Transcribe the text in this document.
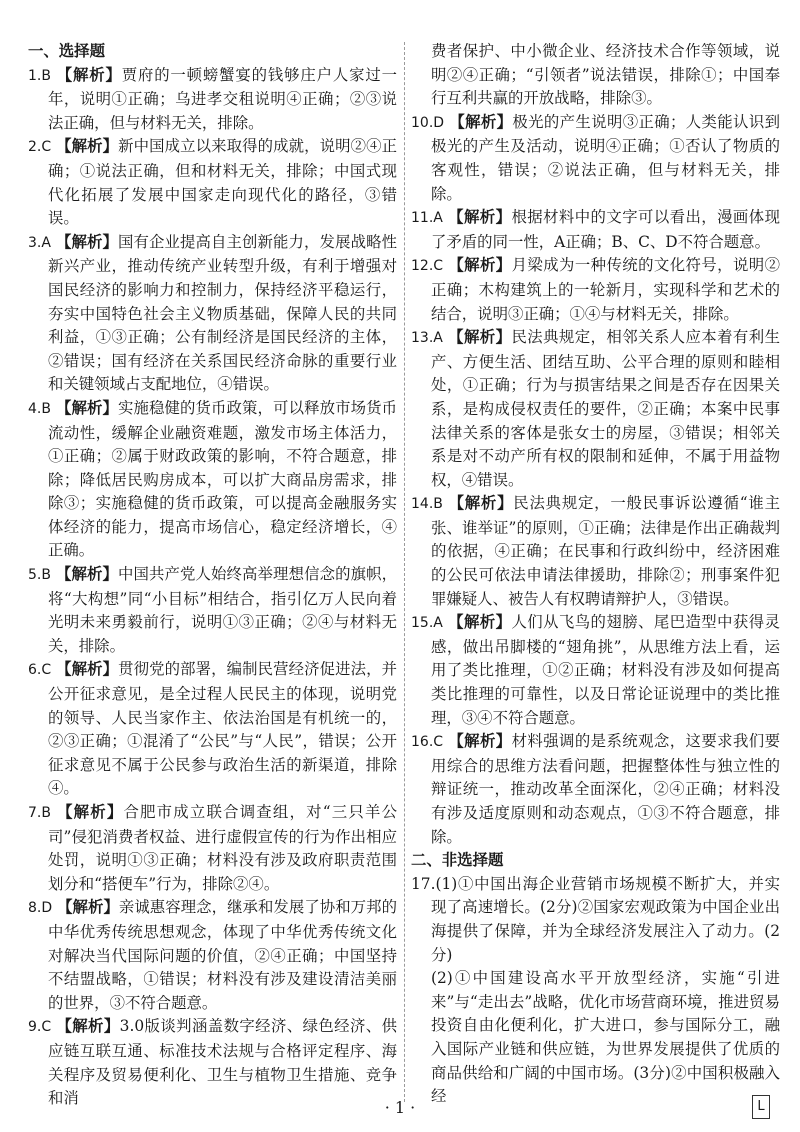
一、选择题

1.B 【解析】贾府的一顿螃蟹宴的钱够庄户人家过一年，说明①正确；乌进孝交租说明④正确；②③说法正确，但与材料无关，排除。

2.C 【解析】新中国成立以来取得的成就，说明②④正确；①说法正确，但和材料无关，排除；中国式现代化拓展了发展中国家走向现代化的路径，③错误。

3.A 【解析】国有企业提高自主创新能力，发展战略性新兴产业，推动传统产业转型升级，有利于增强对国民经济的影响力和控制力，保持经济平稳运行，夯实中国特色社会主义物质基础，保障人民的共同利益，①③正确；公有制经济是国民经济的主体，②错误；国有经济在关系国民经济命脉的重要行业和关键领域占支配地位，④错误。

4.B 【解析】实施稳健的货币政策，可以释放市场货币流动性，缓解企业融资难题，激发市场主体活力，①正确；②属于财政政策的影响，不符合题意，排除；降低居民购房成本，可以扩大商品房需求，排除③；实施稳健的货币政策，可以提高金融服务实体经济的能力，提高市场信心，稳定经济增长，④正确。

5.B 【解析】中国共产党人始终高举理想信念的旗帜，将“大构想”同“小目标”相结合，指引亿万人民向着光明未来勇毅前行，说明①③正确；②④与材料无关，排除。

6.C 【解析】贯彻党的部署，编制民营经济促进法，并公开征求意见，是全过程人民民主的体现，说明党的领导、人民当家作主、依法治国是有机统一的，②③正确；①混淆了“公民”与“人民”，错误；公开征求意见不属于公民参与政治生活的新渠道，排除④。

7.B 【解析】合肥市成立联合调查组，对“三只羊公司”侵犯消费者权益、进行虚假宣传的行为作出相应处罚，说明①③正确；材料没有涉及政府职责范围划分和“搭便车”行为，排除②④。

8.D 【解析】亲诚惠容理念，继承和发展了协和万邦的中华优秀传统思想观念，体现了中华优秀传统文化对解决当代国际问题的价值，②④正确；中国坚持不结盟战略，①错误；材料没有涉及建设清洁美丽的世界，③不符合题意。

9.C 【解析】3.0版谈判涵盖数字经济、绿色经济、供应链互联互通、标准技术法规与合格评定程序、海关程序及贸易便利化、卫生与植物卫生措施、竞争和消

费者保护、中小微企业、经济技术合作等领域，说明②④正确；“引领者”说法错误，排除①；中国奉行互利共赢的开放战略，排除③。

10.D 【解析】极光的产生说明③正确；人类能认识到极光的产生及活动，说明④正确；①否认了物质的客观性，错误；②说法正确，但与材料无关，排除。

11.A 【解析】根据材料中的文字可以看出，漫画体现了矛盾的同一性，A正确；B、C、D不符合题意。

12.C 【解析】月梁成为一种传统的文化符号，说明②正确；木构建筑上的一轮新月，实现科学和艺术的结合，说明③正确；①④与材料无关，排除。

13.A 【解析】民法典规定，相邻关系人应本着有利生产、方便生活、团结互助、公平合理的原则和睦相处，①正确；行为与损害结果之间是否存在因果关系，是构成侵权责任的要件，②正确；本案中民事法律关系的客体是张女士的房屋，③错误；相邻关系是对不动产所有权的限制和延伸，不属于用益物权，④错误。

14.B 【解析】民法典规定，一般民事诉讼遵循“谁主张、谁举证”的原则，①正确；法律是作出正确裁判的依据，④正确；在民事和行政纠纷中，经济困难的公民可依法申请法律援助，排除②；刑事案件犯罪嫌疑人、被告人有权聘请辩护人，③错误。

15.A 【解析】人们从飞鸟的翅膀、尾巴造型中获得灵感，做出吊脚楼的“翅角挑”，从思维方法上看，运用了类比推理，①②正确；材料没有涉及如何提高类比推理的可靠性，以及日常论证说理中的类比推理，③④不符合题意。

16.C 【解析】材料强调的是系统观念，这要求我们要用综合的思维方法看问题，把握整体性与独立性的辩证统一，推动改革全面深化，②④正确；材料没有涉及适度原则和动态观点，①③不符合题意，排除。

二、非选择题

17.(1)①中国出海企业营销市场规模不断扩大，并实现了高速增长。(2分)②国家宏观政策为中国企业出海提供了保障，并为全球经济发展注入了动力。(2分)

(2)①中国建设高水平开放型经济，实施“引进来”与“走出去”战略，优化市场营商环境，推进贸易投资自由化便利化，扩大进口，参与国际分工，融入国际产业链和供应链，为世界发展提供了优质的商品供给和广阔的中国市场。(3分)②中国积极融入经

· 1 ·	L
